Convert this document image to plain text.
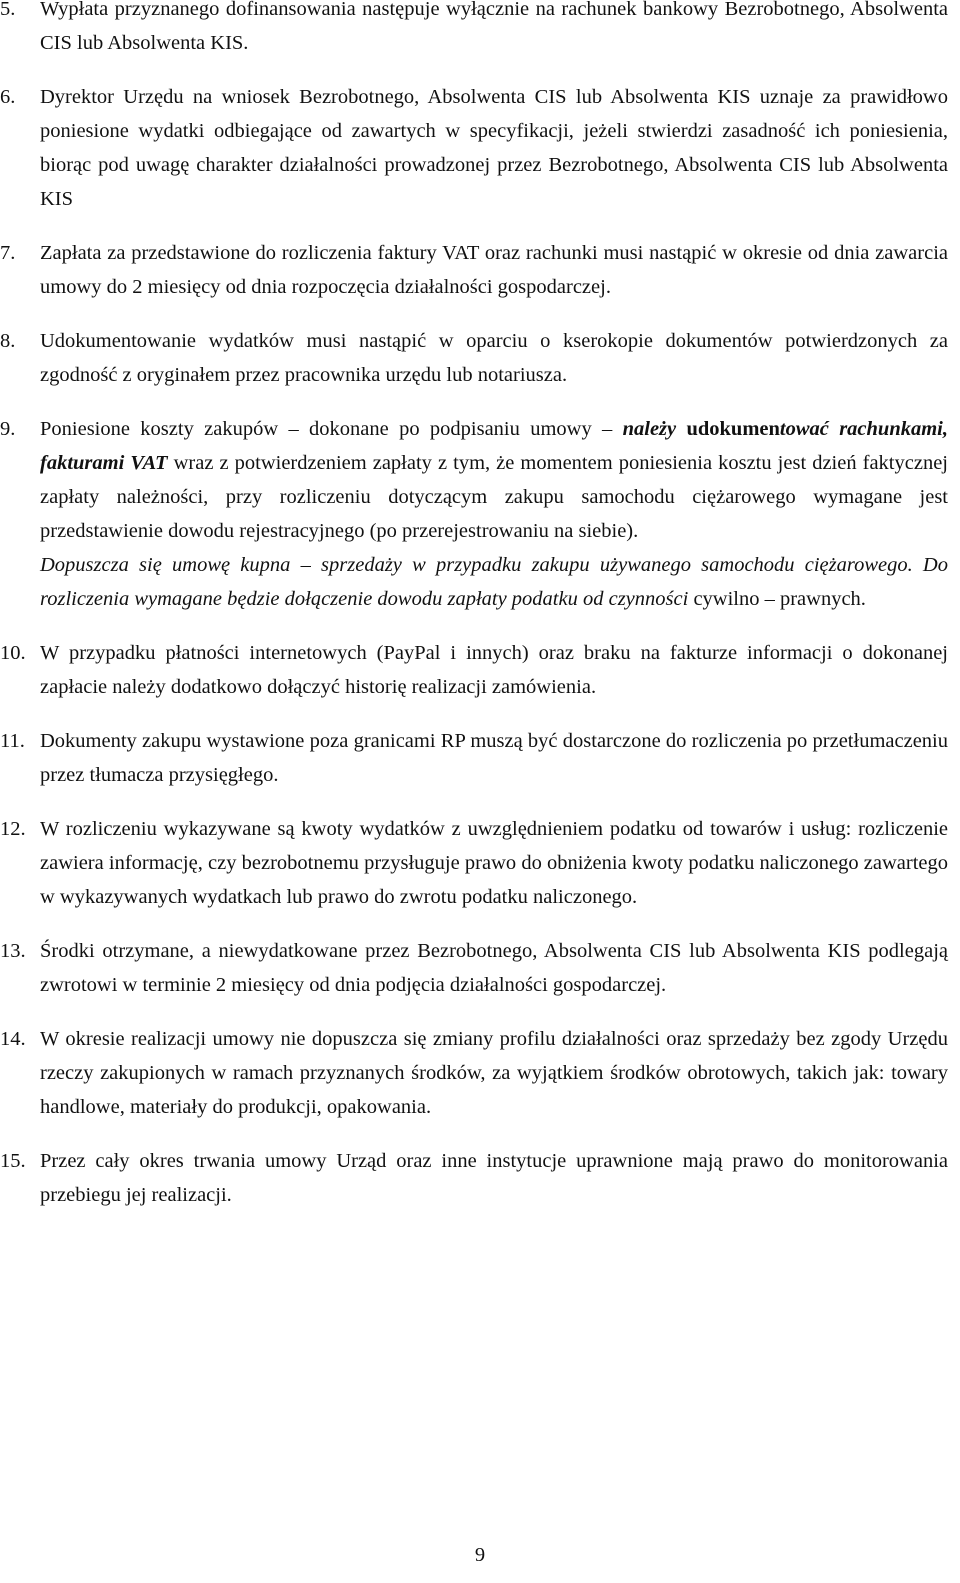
5. Wypłata przyznanego dofinansowania następuje wyłącznie na rachunek bankowy Bezrobotnego, Absolwenta CIS lub Absolwenta KIS.
6. Dyrektor Urzędu na wniosek Bezrobotnego, Absolwenta CIS lub Absolwenta KIS uznaje za prawidłowo poniesione wydatki odbiegające od zawartych w specyfikacji, jeżeli stwierdzi zasadność ich poniesienia, biorąc pod uwagę charakter działalności prowadzonej przez Bezrobotnego, Absolwenta CIS lub Absolwenta KIS
7. Zapłata za przedstawione do rozliczenia faktury VAT oraz rachunki musi nastąpić w okresie od dnia zawarcia umowy do 2 miesięcy od dnia rozpoczęcia działalności gospodarczej.
8. Udokumentowanie wydatków musi nastąpić w oparciu o kserokopie dokumentów potwierdzonych za zgodność z oryginałem przez pracownika urzędu lub notariusza.
9. Poniesione koszty zakupów – dokonane po podpisaniu umowy – należy udokumentować rachunkami, fakturami VAT wraz z potwierdzeniem zapłaty z tym, że momentem poniesienia kosztu jest dzień faktycznej zapłaty należności, przy rozliczeniu dotyczącym zakupu samochodu ciężarowego wymagane jest przedstawienie dowodu rejestracyjnego (po przerejestrowaniu na siebie).
Dopuszcza się umowę kupna – sprzedaży w przypadku zakupu używanego samochodu ciężarowego. Do rozliczenia wymagane będzie dołączenie dowodu zapłaty podatku od czynności cywilno – prawnych.
10. W przypadku płatności internetowych (PayPal i innych) oraz braku na fakturze informacji o dokonanej zapłacie należy dodatkowo dołączyć historię realizacji zamówienia.
11. Dokumenty zakupu wystawione poza granicami RP muszą być dostarczone do rozliczenia po przetłumaczeniu przez tłumacza przysięgłego.
12. W rozliczeniu wykazywane są kwoty wydatków z uwzględnieniem podatku od towarów i usług: rozliczenie zawiera informację, czy bezrobotnemu przysługuje prawo do obniżenia kwoty podatku naliczonego zawartego w wykazywanych wydatkach lub prawo do zwrotu podatku naliczonego.
13. Środki otrzymane, a niewydatkowane przez Bezrobotnego, Absolwenta CIS lub Absolwenta KIS podlegają zwrotowi w terminie 2 miesięcy od dnia podjęcia działalności gospodarczej.
14. W okresie realizacji umowy nie dopuszcza się zmiany profilu działalności oraz sprzedaży bez zgody Urzędu rzeczy zakupionych w ramach przyznanych środków, za wyjątkiem środków obrotowych, takich jak: towary handlowe, materiały do produkcji, opakowania.
15. Przez cały okres trwania umowy Urząd oraz inne instytucje uprawnione mają prawo do monitorowania przebiegu jej realizacji.
9
